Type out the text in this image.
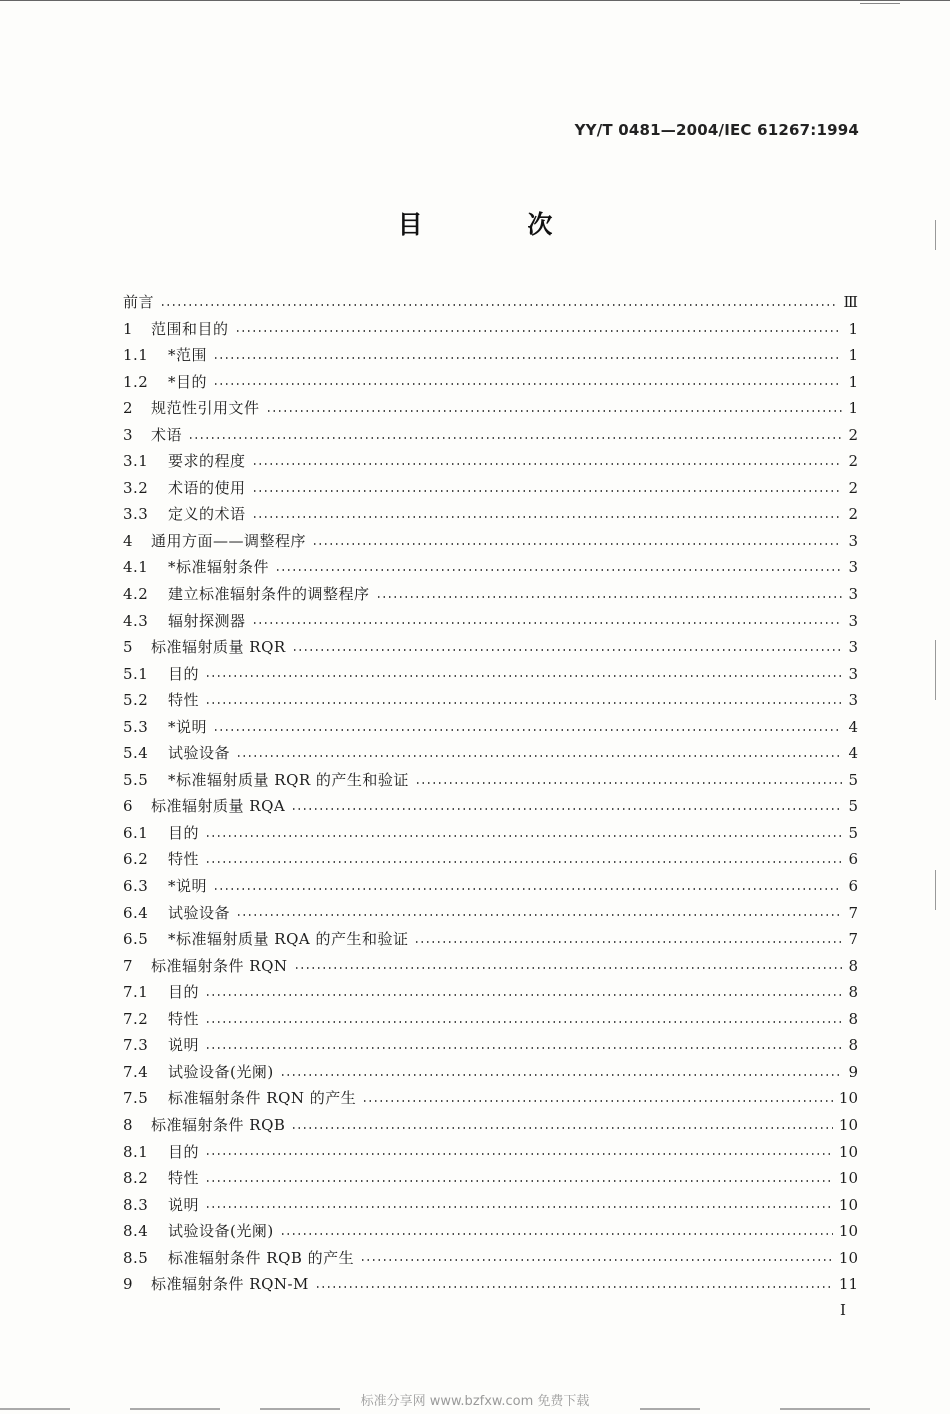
YY/T 0481—2004/IEC 61267:1994
目 次
前言	Ⅲ
1	范围和目的	1
1.1	*范围	1
1.2	*目的	1
2	规范性引用文件	1
3	术语	2
3.1	要求的程度	2
3.2	术语的使用	2
3.3	定义的术语	2
4	通用方面——调整程序	3
4.1	*标准辐射条件	3
4.2	建立标准辐射条件的调整程序	3
4.3	辐射探测器	3
5	标准辐射质量 RQR	3
5.1	目的	3
5.2	特性	3
5.3	*说明	4
5.4	试验设备	4
5.5	*标准辐射质量 RQR 的产生和验证	5
6	标准辐射质量 RQA	5
6.1	目的	5
6.2	特性	6
6.3	*说明	6
6.4	试验设备	7
6.5	*标准辐射质量 RQA 的产生和验证	7
7	标准辐射条件 RQN	8
7.1	目的	8
7.2	特性	8
7.3	说明	8
7.4	试验设备(光阑)	9
7.5	标准辐射条件 RQN 的产生	10
8	标准辐射条件 RQB	10
8.1	目的	10
8.2	特性	10
8.3	说明	10
8.4	试验设备(光阑)	10
8.5	标准辐射条件 RQB 的产生	10
9	标准辐射条件 RQN-M	11
I
标准分享网 www.bzfxw.com 免费下载
